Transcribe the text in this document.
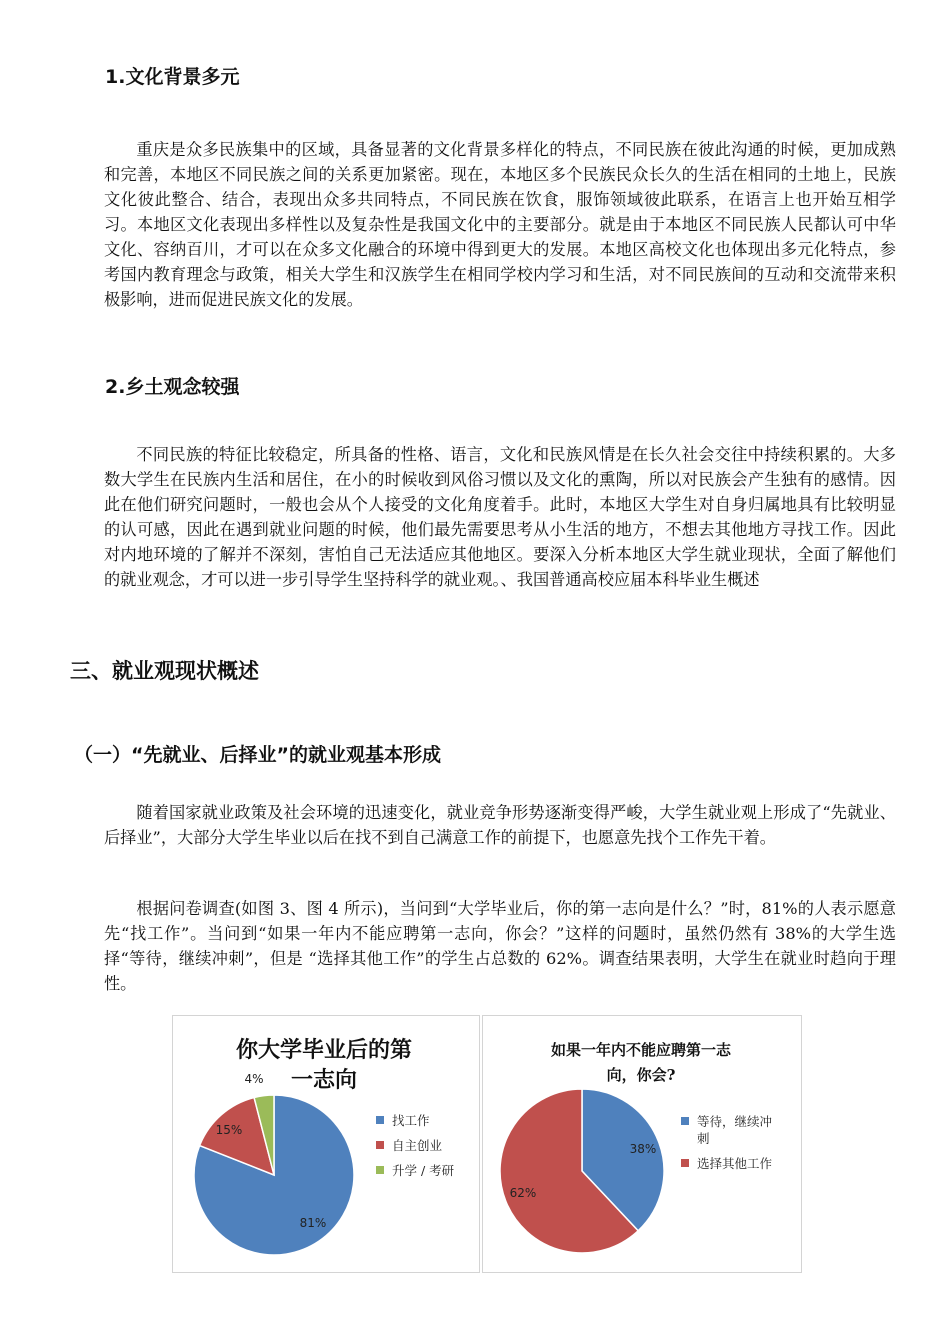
1.文化背景多元

重庆是众多民族集中的区域，具备显著的文化背景多样化的特点，不同民族在彼此沟通的时候，更加成熟和完善，本地区不同民族之间的关系更加紧密。现在，本地区多个民族民众长久的生活在相同的土地上，民族文化彼此整合、结合，表现出众多共同特点，不同民族在饮食，服饰领域彼此联系，在语言上也开始互相学习。本地区文化表现出多样性以及复杂性是我国文化中的主要部分。就是由于本地区不同民族人民都认可中华文化、容纳百川，才可以在众多文化融合的环境中得到更大的发展。本地区高校文化也体现出多元化特点，参考国内教育理念与政策，相关大学生和汉族学生在相同学校内学习和生活，对不同民族间的互动和交流带来积极影响，进而促进民族文化的发展。

2.乡土观念较强

不同民族的特征比较稳定，所具备的性格、语言，文化和民族风情是在长久社会交往中持续积累的。大多数大学生在民族内生活和居住，在小的时候收到风俗习惯以及文化的熏陶，所以对民族会产生独有的感情。因此在他们研究问题时，一般也会从个人接受的文化角度着手。此时，本地区大学生对自身归属地具有比较明显的认可感，因此在遇到就业问题的时候，他们最先需要思考从小生活的地方，不想去其他地方寻找工作。因此对内地环境的了解并不深刻，害怕自己无法适应其他地区。要深入分析本地区大学生就业现状，全面了解他们的就业观念，才可以进一步引导学生坚持科学的就业观。、我国普通高校应届本科毕业生概述

三、就业观现状概述
（一）“先就业、后择业”的就业观基本形成

随着国家就业政策及社会环境的迅速变化，就业竞争形势逐渐变得严峻，大学生就业观上形成了“先就业、后择业”，大部分大学生毕业以后在找不到自己满意工作的前提下，也愿意先找个工作先干着。

根据问卷调查(如图 3、图 4 所示)，当问到“大学毕业后，你的第一志向是什么？”时，81%的人表示愿意先“找工作”。当问到“如果一年内不能应聘第一志向，你会？”这样的问题时，虽然仍然有 38%的大学生选择“等待，继续冲刺”，但是 “选择其他工作”的学生占总数的 62%。调查结果表明，大学生在就业时趋向于理性。

你大学毕业后的第
一志向
81%
15%
4%
找工作
自主创业
升学 / 考研
如果一年内不能应聘第一志
向，你会?
38%
62%
等待，继续冲
刺
选择其他工作
